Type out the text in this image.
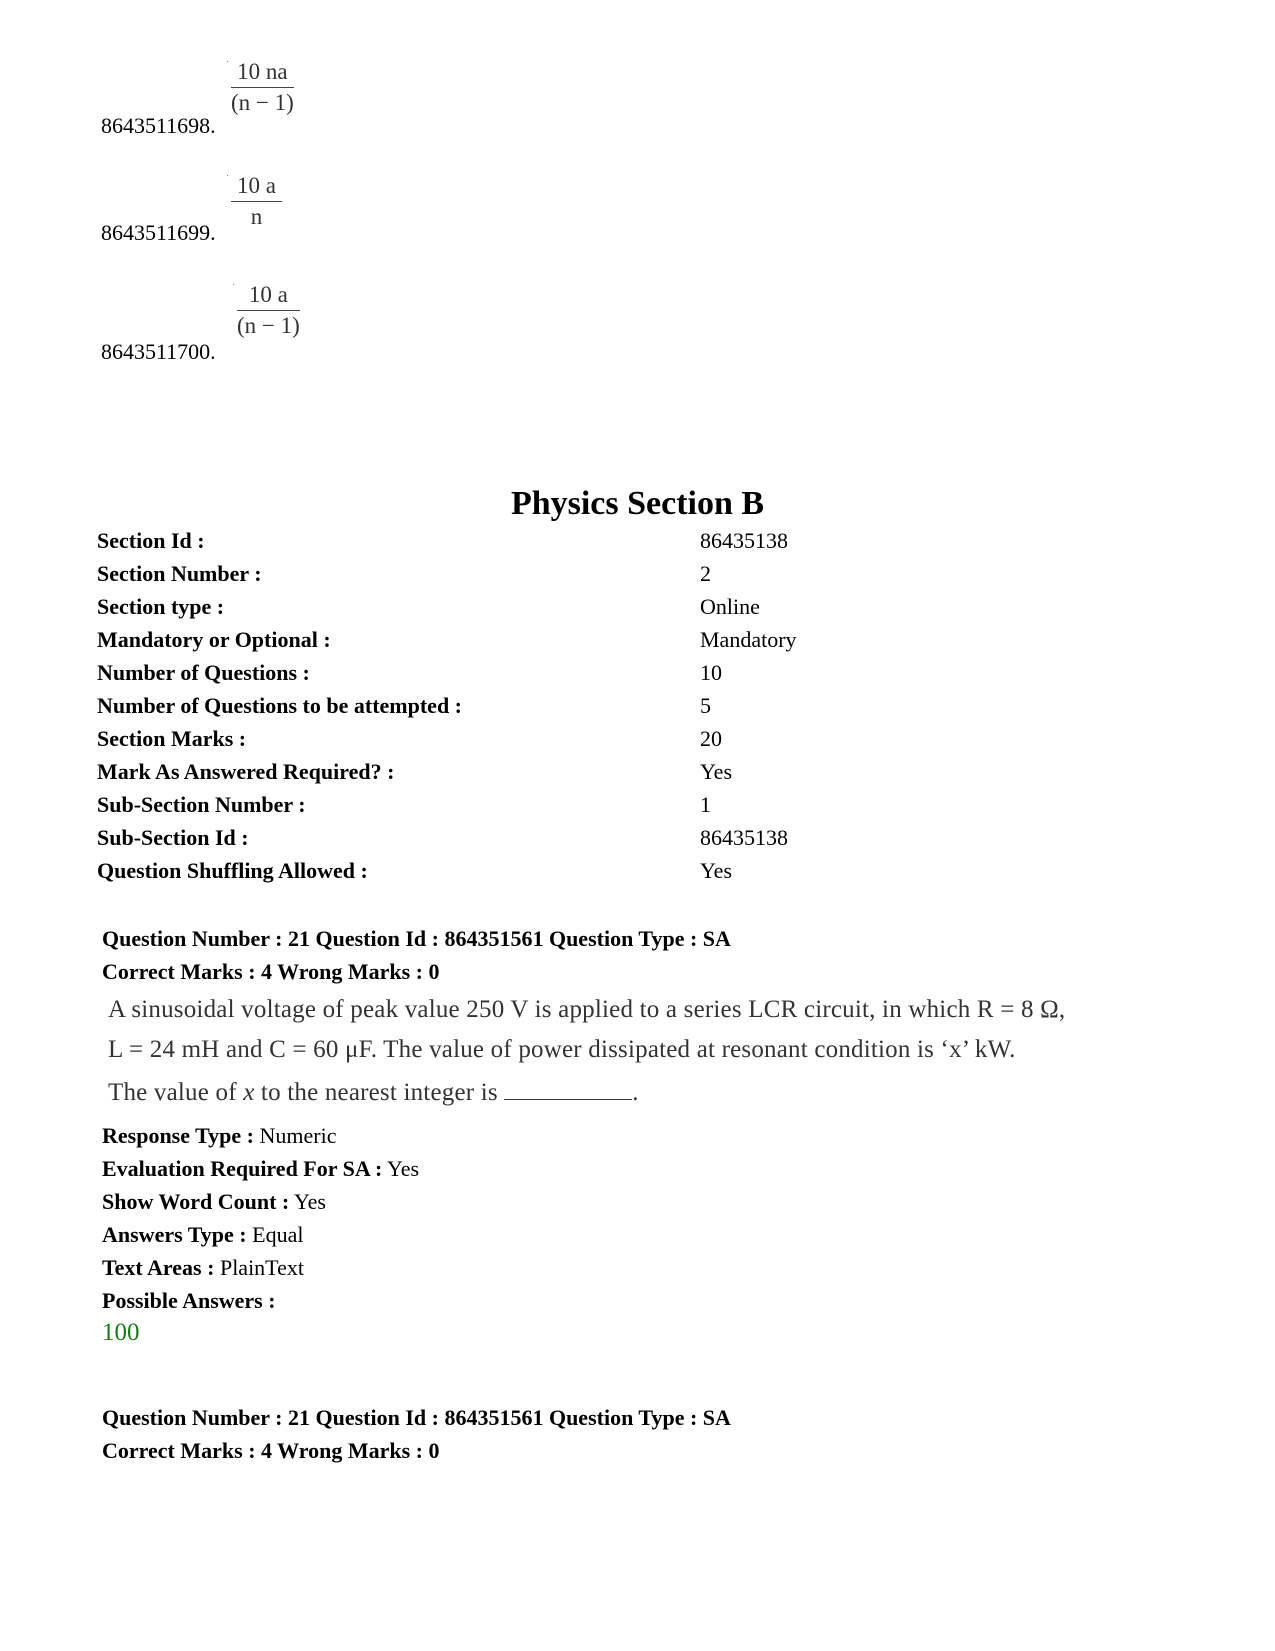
· 10 na
(n − 1)
8643511698.
· 10 a
n
8643511699.
· 10 a
(n − 1)
8643511700.
Physics Section B
Section Id :	86435138
Section Number :	2
Section type :	Online
Mandatory or Optional :	Mandatory
Number of Questions :	10
Number of Questions to be attempted :	5
Section Marks :	20
Mark As Answered Required? :	Yes
Sub-Section Number :	1
Sub-Section Id :	86435138
Question Shuffling Allowed :	Yes
Question Number : 21 Question Id : 864351561 Question Type : SA
Correct Marks : 4 Wrong Marks : 0
A sinusoidal voltage of peak value 250 V is applied to a series LCR circuit, in which R = 8 Ω,
L = 24 mH and C = 60 μF. The value of power dissipated at resonant condition is ‘x’ kW.
The value of x to the nearest integer is	.
Response Type : Numeric
Evaluation Required For SA : Yes
Show Word Count : Yes
Answers Type : Equal
Text Areas : PlainText
Possible Answers :
100
Question Number : 21 Question Id : 864351561 Question Type : SA
Correct Marks : 4 Wrong Marks : 0
